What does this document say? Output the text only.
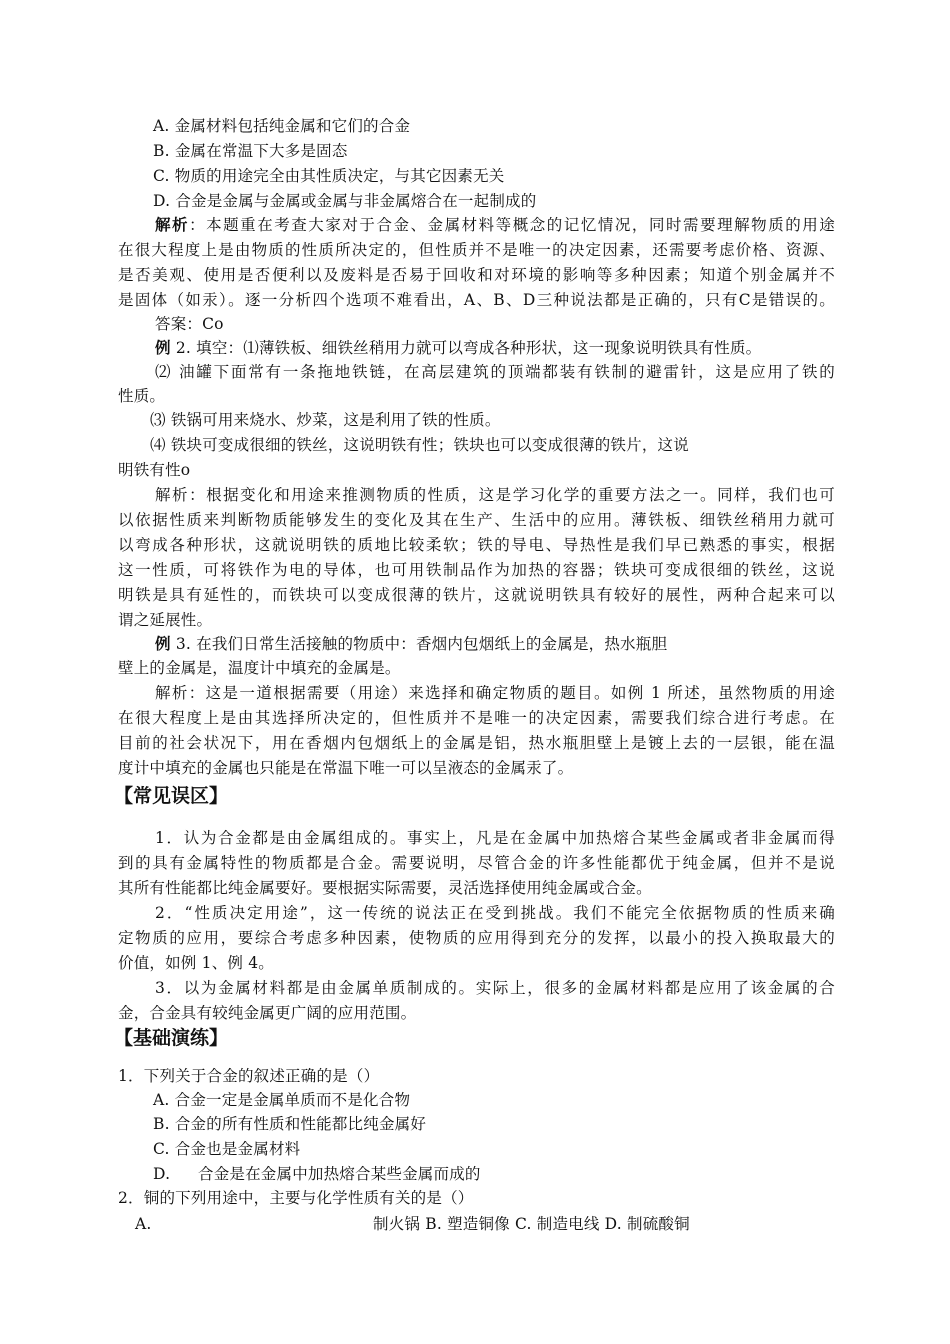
A. 金属材料包括纯金属和它们的合金
B. 金属在常温下大多是固态
C. 物质的用途完全由其性质决定，与其它因素无关
D. 合金是金属与金属或金属与非金属熔合在一起制成的
解析：本题重在考查大家对于合金、金属材料等概念的记忆情况，同时需要理解物质的用途
在很大程度上是由物质的性质所决定的，但性质并不是唯一的决定因素，还需要考虑价格、资源、
是否美观、使用是否便利以及废料是否易于回收和对环境的影响等多种因素；知道个别金属并不
是固体（如汞）。逐一分析四个选项不难看出，A、B、D三种说法都是正确的，只有C是错误的。
答案：Co
例 2. 填空：⑴薄铁板、细铁丝稍用力就可以弯成各种形状，这一现象说明铁具有性质。
⑵ 油罐下面常有一条拖地铁链，在高层建筑的顶端都装有铁制的避雷针，这是应用了铁的
性质。
⑶ 铁锅可用来烧水、炒菜，这是利用了铁的性质。
⑷ 铁块可变成很细的铁丝，这说明铁有性；铁块也可以变成很薄的铁片，这说
明铁有性o
解析：根据变化和用途来推测物质的性质，这是学习化学的重要方法之一。同样，我们也可
以依据性质来判断物质能够发生的变化及其在生产、生活中的应用。薄铁板、细铁丝稍用力就可
以弯成各种形状，这就说明铁的质地比较柔软；铁的导电、导热性是我们早已熟悉的事实，根据
这一性质，可将铁作为电的导体，也可用铁制品作为加热的容器；铁块可变成很细的铁丝，这说
明铁是具有延性的，而铁块可以变成很薄的铁片，这就说明铁具有较好的展性，两种合起来可以
谓之延展性。
例 3. 在我们日常生活接触的物质中：香烟内包烟纸上的金属是，热水瓶胆
壁上的金属是，温度计中填充的金属是。
解析：这是一道根据需要（用途）来选择和确定物质的题目。如例 1 所述，虽然物质的用途
在很大程度上是由其选择所决定的，但性质并不是唯一的决定因素，需要我们综合进行考虑。在
目前的社会状况下，用在香烟内包烟纸上的金属是铝，热水瓶胆壁上是镀上去的一层银，能在温
度计中填充的金属也只能是在常温下唯一可以呈液态的金属汞了。
【常见误区】
1．认为合金都是由金属组成的。事实上，凡是在金属中加热熔合某些金属或者非金属而得
到的具有金属特性的物质都是合金。需要说明，尽管合金的许多性能都优于纯金属，但并不是说
其所有性能都比纯金属要好。要根据实际需要，灵活选择使用纯金属或合金。
2．“性质决定用途”，这一传统的说法正在受到挑战。我们不能完全依据物质的性质来确
定物质的应用，要综合考虑多种因素，使物质的应用得到充分的发挥，以最小的投入换取最大的
价值，如例 1、例 4。
3．以为金属材料都是由金属单质制成的。实际上，很多的金属材料都是应用了该金属的合
金，合金具有较纯金属更广阔的应用范围。
【基础演练】
1．下列关于合金的叙述正确的是（）
A. 合金一定是金属单质而不是化合物
B. 合金的所有性质和性能都比纯金属好
C. 合金也是金属材料
D. 合金是在金属中加热熔合某些金属而成的
2．铜的下列用途中，主要与化学性质有关的是（）
A.	制火锅 B. 塑造铜像 C. 制造电线 D. 制硫酸铜
